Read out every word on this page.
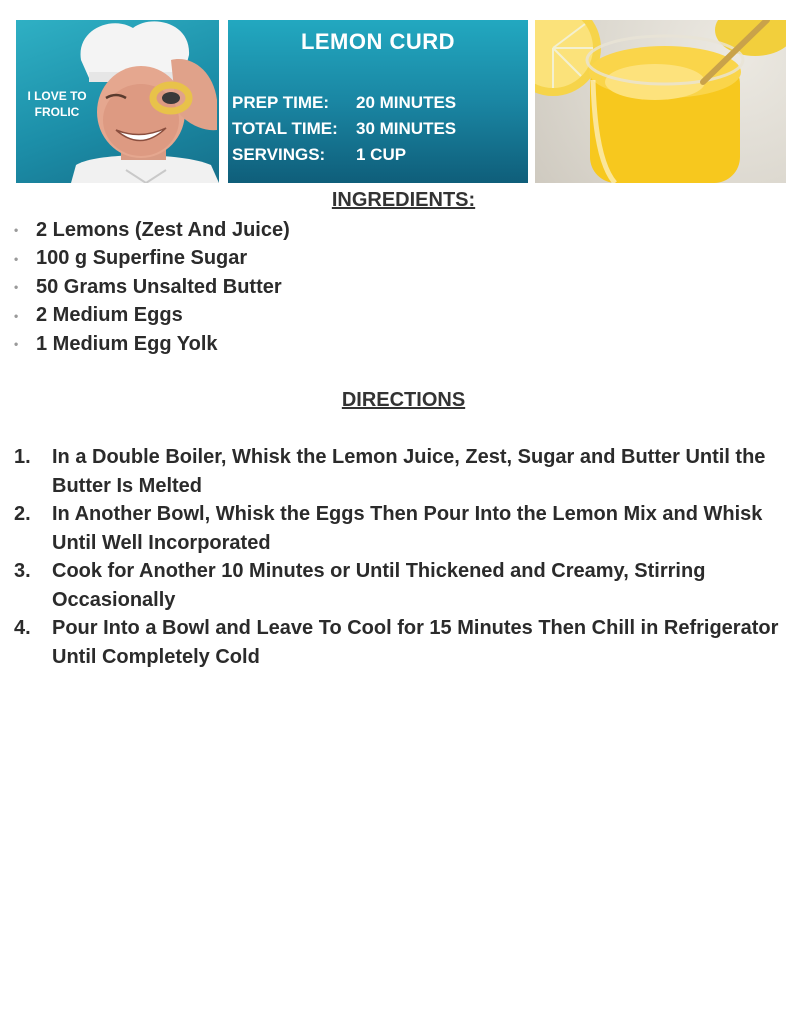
I LOVE TO FROLIC
LEMON CURD
PREP TIME:	20 MINUTES
TOTAL TIME:	30 MINUTES
SERVINGS:	1 CUP
INGREDIENTS:
• 2 Lemons (Zest And Juice)
• 100 g Superfine Sugar
• 50 Grams Unsalted Butter
• 2 Medium Eggs
• 1 Medium Egg Yolk
DIRECTIONS
1.	In a Double Boiler, Whisk the Lemon Juice, Zest, Sugar and Butter Until the Butter Is Melted
2.	In Another Bowl, Whisk the Eggs Then Pour Into the Lemon Mix and Whisk Until Well Incorporated
3.	Cook for Another 10 Minutes or Until Thickened and Creamy, Stirring Occasionally
4.	Pour Into a Bowl and Leave To Cool for 15 Minutes Then Chill in Refrigerator Until Completely Cold
